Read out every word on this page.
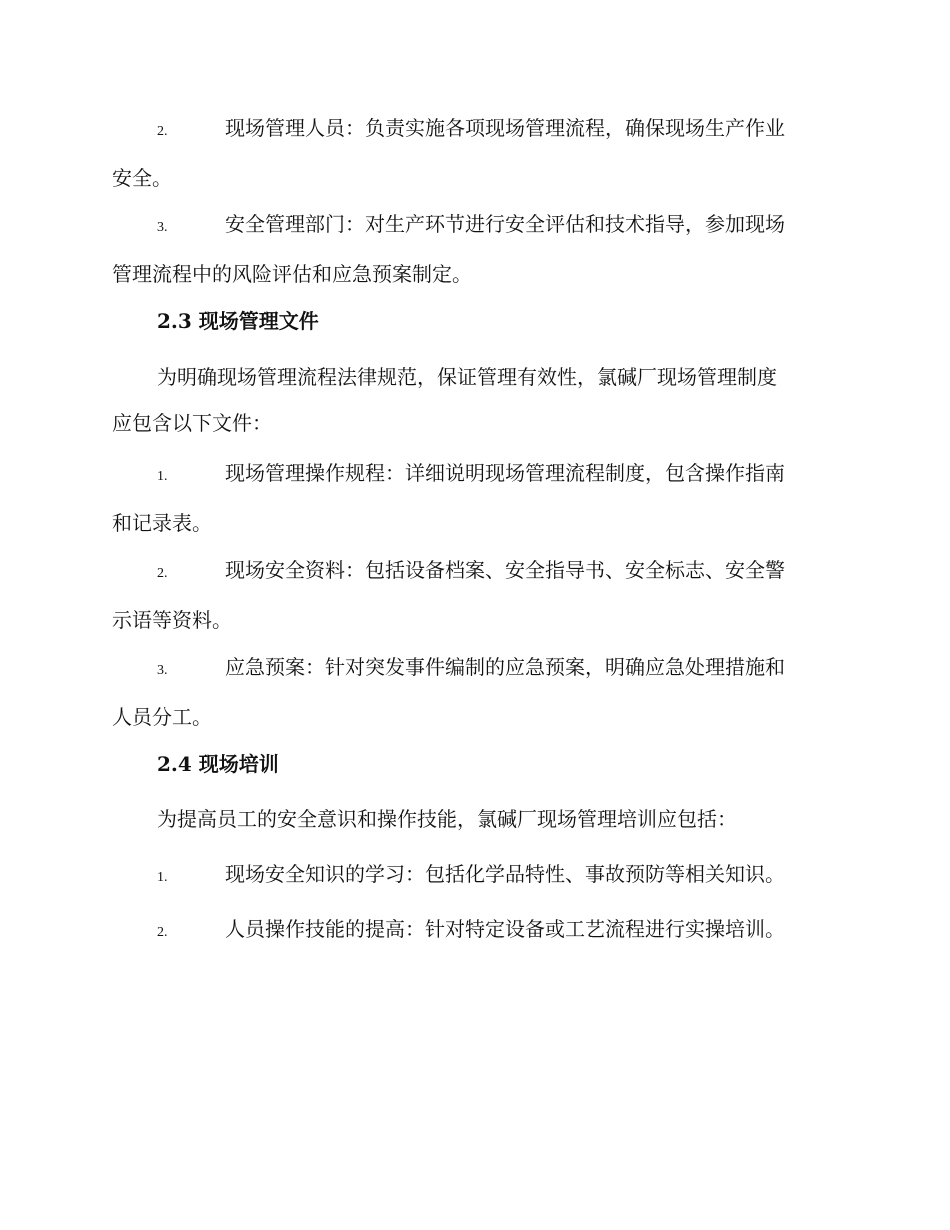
2.	现场管理人员：负责实施各项现场管理流程，确保现场生产作业
安全。
3.	安全管理部门：对生产环节进行安全评估和技术指导，参加现场
管理流程中的风险评估和应急预案制定。
2.3 现场管理文件
为明确现场管理流程法律规范，保证管理有效性，氯碱厂现场管理制度
应包含以下文件：
1.	现场管理操作规程：详细说明现场管理流程制度，包含操作指南
和记录表。
2.	现场安全资料：包括设备档案、安全指导书、安全标志、安全警
示语等资料。
3.	应急预案：针对突发事件编制的应急预案，明确应急处理措施和
人员分工。
2.4 现场培训
为提高员工的安全意识和操作技能，氯碱厂现场管理培训应包括：
1.	现场安全知识的学习：包括化学品特性、事故预防等相关知识。
2.	人员操作技能的提高：针对特定设备或工艺流程进行实操培训。
